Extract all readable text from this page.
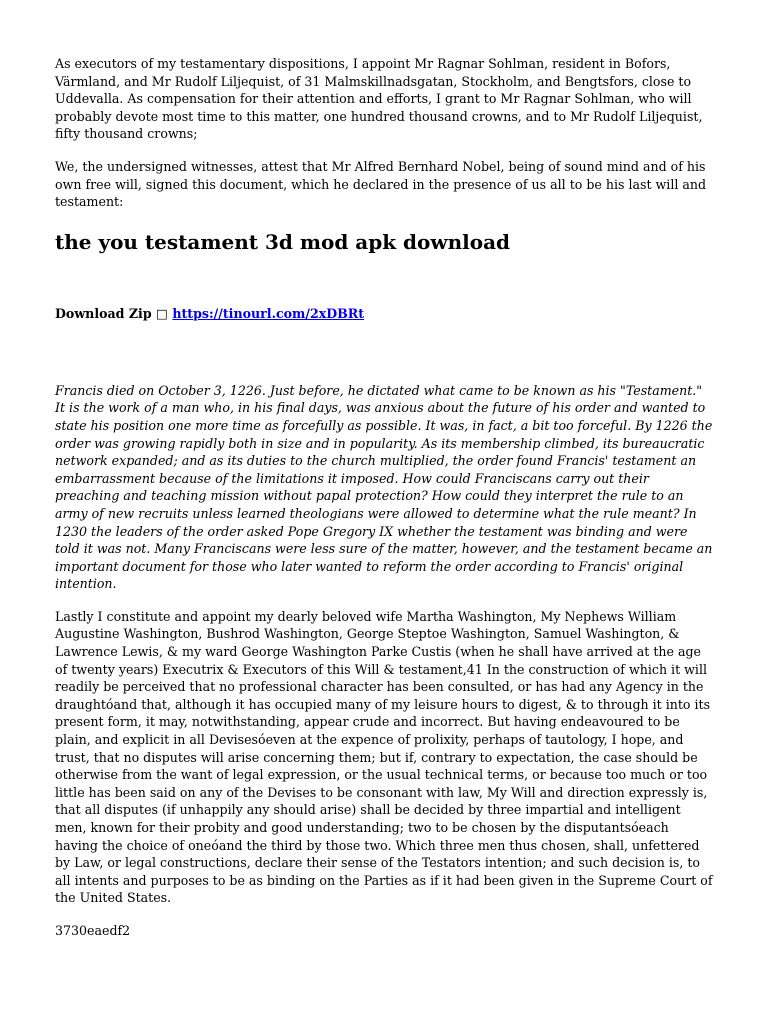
As executors of my testamentary dispositions, I appoint Mr Ragnar Sohlman, resident in Bofors, Värmland, and Mr Rudolf Liljequist, of 31 Malmskillnadsgatan, Stockholm, and Bengtsfors, close to Uddevalla. As compensation for their attention and efforts, I grant to Mr Ragnar Sohlman, who will probably devote most time to this matter, one hundred thousand crowns, and to Mr Rudolf Liljequist, fifty thousand crowns;

We, the undersigned witnesses, attest that Mr Alfred Bernhard Nobel, being of sound mind and of his own free will, signed this document, which he declared in the presence of us all to be his last will and testament:

the you testament 3d mod apk download
Download Zip □ https://tinourl.com/2xDBRt

Francis died on October 3, 1226. Just before, he dictated what came to be known as his "Testament." It is the work of a man who, in his final days, was anxious about the future of his order and wanted to state his position one more time as forcefully as possible. It was, in fact, a bit too forceful. By 1226 the order was growing rapidly both in size and in popularity. As its membership climbed, its bureaucratic network expanded; and as its duties to the church multiplied, the order found Francis' testament an embarrassment because of the limitations it imposed. How could Franciscans carry out their preaching and teaching mission without papal protection? How could they interpret the rule to an army of new recruits unless learned theologians were allowed to determine what the rule meant? In 1230 the leaders of the order asked Pope Gregory IX whether the testament was binding and were told it was not. Many Franciscans were less sure of the matter, however, and the testament became an important document for those who later wanted to reform the order according to Francis' original intention.

Lastly I constitute and appoint my dearly beloved wife Martha Washington, My Nephews William Augustine Washington, Bushrod Washington, George Steptoe Washington, Samuel Washington, & Lawrence Lewis, & my ward George Washington Parke Custis (when he shall have arrived at the age of twenty years) Executrix & Executors of this Will & testament,41 In the construction of which it will readily be perceived that no professional character has been consulted, or has had any Agency in the draughtóand that, although it has occupied many of my leisure hours to digest, & to through it into its present form, it may, notwithstanding, appear crude and incorrect. But having endeavoured to be plain, and explicit in all Devisesóeven at the expence of prolixity, perhaps of tautology, I hope, and trust, that no disputes will arise concerning them; but if, contrary to expectation, the case should be otherwise from the want of legal expression, or the usual technical terms, or because too much or too little has been said on any of the Devises to be consonant with law, My Will and direction expressly is, that all disputes (if unhappily any should arise) shall be decided by three impartial and intelligent men, known for their probity and good understanding; two to be chosen by the disputantsóeach having the choice of oneóand the third by those two. Which three men thus chosen, shall, unfettered by Law, or legal constructions, declare their sense of the Testators intention; and such decision is, to all intents and purposes to be as binding on the Parties as if it had been given in the Supreme Court of the United States.

3730eaedf2
